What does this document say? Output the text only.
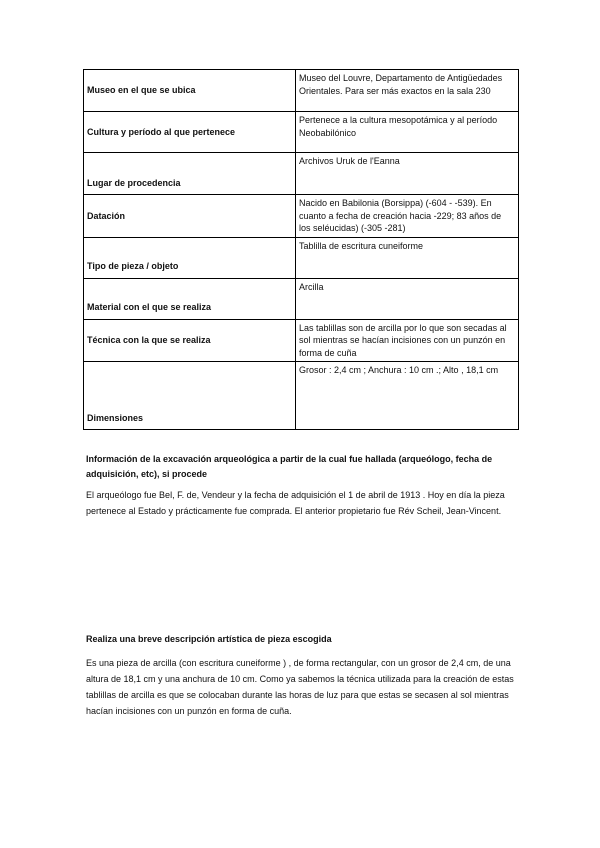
Museo en el que se ubica	Museo del Louvre, Departamento de Antigüedades Orientales. Para ser más exactos en la sala 230
Cultura y período al que pertenece	Pertenece a la cultura mesopotámica y al período Neobabilónico
Lugar de procedencia	Archivos Uruk de l'Eanna
Datación	Nacido en Babilonia (Borsippa) (-604 - -539). En cuanto a fecha de creación hacia -229; 83 años de los seléucidas) (-305 -281)
Tipo de pieza / objeto	Tablilla de escritura cuneiforme
Material con el que se realiza	Arcilla
Técnica con la que se realiza	Las tablillas son de arcilla por lo que son secadas al sol mientras se hacían incisiones con un punzón en forma de cuña
Dimensiones	Grosor : 2,4 cm ; Anchura : 10 cm .; Alto , 18,1 cm
Información de la excavación arqueológica a partir de la cual fue hallada (arqueólogo, fecha de adquisición, etc), si procede
El arqueólogo fue Bel, F. de, Vendeur y la fecha de adquisición el 1 de abril de 1913 . Hoy en día la pieza pertenece al Estado y prácticamente fue comprada. El anterior propietario fue Rév Scheil, Jean-Vincent.
Realiza una breve descripción artística de pieza escogida
Es una pieza de arcilla (con escritura cuneiforme ) , de forma rectangular, con un grosor de 2,4 cm, de una altura de 18,1 cm y una anchura de 10 cm. Como ya sabemos la técnica utilizada para la creación de estas tablillas de arcilla es que se colocaban durante las horas de luz para que estas se secasen al sol mientras hacían incisiones con un punzón en forma de cuña.
